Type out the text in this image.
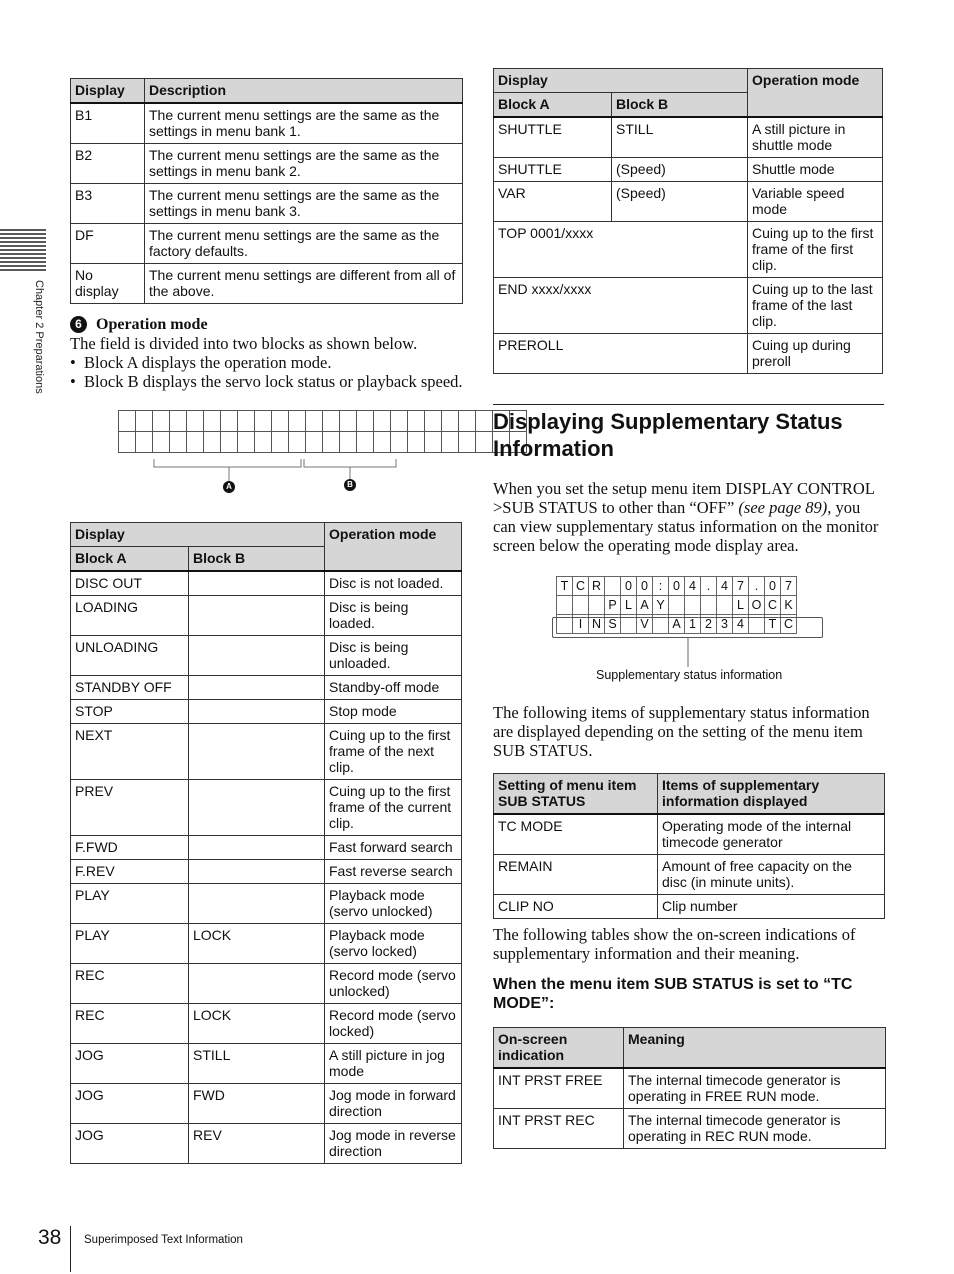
Chapter 2 Preparations
Display	Description
B1	The current menu settings are the same as the settings in menu bank 1.
B2	The current menu settings are the same as the settings in menu bank 2.
B3	The current menu settings are the same as the settings in menu bank 3.
DF	The current menu settings are the same as the factory defaults.
No display	The current menu settings are different from all of the above.
6 Operation mode
The field is divided into two blocks as shown below.
•  Block A displays the operation mode.
•  Block B displays the servo lock status or playback speed.

A	B
Display		Operation mode
Block A	Block B	
DISC OUT		Disc is not loaded.
LOADING		Disc is being loaded.
UNLOADING		Disc is being unloaded.
STANDBY OFF		Standby-off mode
STOP		Stop mode
NEXT		Cuing up to the first frame of the next clip.
PREV		Cuing up to the first frame of the current clip.
F.FWD		Fast forward search
F.REV		Fast reverse search
PLAY		Playback mode (servo unlocked)
PLAY	LOCK	Playback mode (servo locked)
REC		Record mode (servo unlocked)
REC	LOCK	Record mode (servo locked)
JOG	STILL	A still picture in jog mode
JOG	FWD	Jog mode in forward direction
JOG	REV	Jog mode in reverse direction
Display		Operation mode
Block A	Block B	
SHUTTLE	STILL	A still picture in shuttle mode
SHUTTLE	(Speed)	Shuttle mode
VAR	(Speed)	Variable speed mode
TOP 0001/xxxx		Cuing up to the first frame of the first clip.
END xxxx/xxxx		Cuing up to the last frame of the last clip.
PREROLL		Cuing up during preroll
Displaying Supplementary Status Information
When you set the setup menu item DISPLAY CONTROL >SUB STATUS to other than “OFF” (see page 89), you can view supplementary status information on the monitor screen below the operating mode display area.
T	C	R		0	0	:	0	4	.	4	7	.	0	7
			P	L	A	Y					L	O	C	K
	I	N	S		V		A	1	2	3	4		T	C
Supplementary status information
The following items of supplementary status information are displayed depending on the setting of the menu item SUB STATUS.
Setting of menu item SUB STATUS	Items of supplementary information displayed
TC MODE	Operating mode of the internal timecode generator
REMAIN	Amount of free capacity on the disc (in minute units).
CLIP NO	Clip number
The following tables show the on-screen indications of supplementary information and their meaning.
When the menu item SUB STATUS is set to “TC MODE”:
On-screen indication	Meaning
INT PRST FREE	The internal timecode generator is operating in FREE RUN mode.
INT PRST REC	The internal timecode generator is operating in REC RUN mode.
38 Superimposed Text Information
